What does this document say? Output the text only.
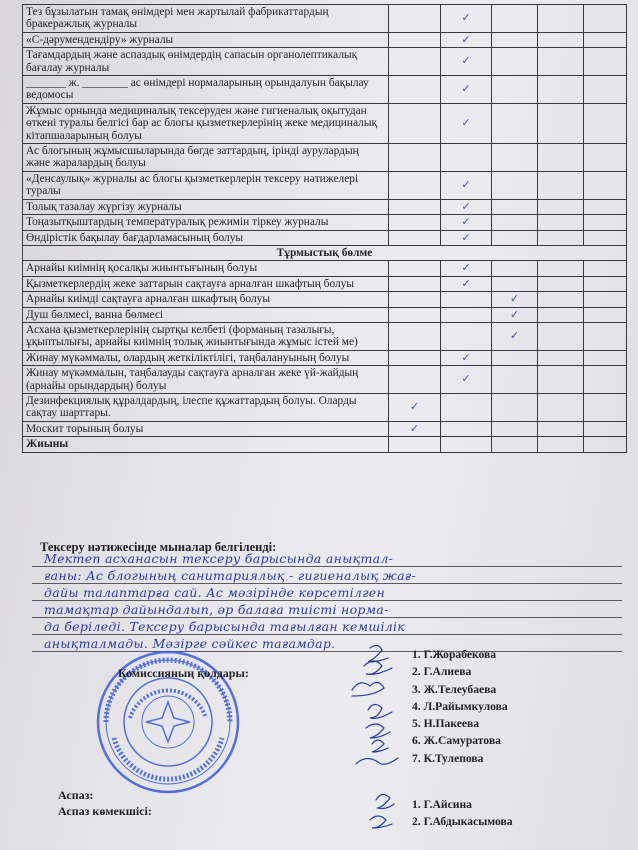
Тез бұзылатын тамақ өнімдері мен жартылай фабрикаттардың бракеражлық журналы		✓			
«С-дәрумендендіру» журналы		✓			
Тағамдардың және аспаздық өнімдердің сапасын органолептикалық бағалау журналы		✓			
_______ ж. ________ ас өнімдері нормаларының орындалуын бақылау ведомосы		✓			
Жұмыс орнында медициналық тексеруден және гигиеналық оқытудан өткені туралы белгісі бар ас блогы қызметкерлерінің жеке медициналық кітапшаларының болуы		✓			
Ас блогының жұмысшыларында бөгде заттардың, ірінді аурулардың және жаралардың болуы					
«Денсаулық» журналы ас блогы қызметкерлерін тексеру нәтижелері туралы		✓			
Толық тазалау жүргізу журналы		✓			
Тоңазытқыштардың температуралық режимін тіркеу журналы		✓			
Өндірістік бақылау бағдарламасының болуы		✓			
Тұрмыстық бөлме					
Арнайы киімнің қосалқы жиынтығының болуы		✓			
Қызметкерлердің жеке заттарын сақтауға арналған шкафтың болуы		✓			
Арнайы киімді сақтауға арналған шкафтың болуы			✓		
Душ бөлмесі, ванна бөлмесі			✓		
Асхана қызметкерлерінің сыртқы келбеті (форманың тазалығы, ұқыптылығы, арнайы киімнің толық жиынтығында жұмыс істей ме)			✓		
Жинау мүкәммалы, олардың жеткіліктілігі, таңбалануының болуы		✓			
Жинау мүкәммалын, таңбалауды сақтауға арналған жеке үй-жайдың (арнайы орындардың) болуы		✓			
Дезинфекциялық құралдардың, ілеспе құжаттардың болуы. Оларды сақтау шарттары.	✓				
Москит торының болуы	✓				
Жиыны					
Тексеру нәтижесінде мыналар белгіленді:
Мектеп асханасын тексеру барысында анықтал-
ғаны: Ас блогының санитариялық - гигиеналық жағ-
дайы талаптарға сай. Ас мәзірінде көрсетілген
тамақтар дайындалып, әр балаға тиісті норма-
да беріледі. Тексеру барысында тағылған кемшілік
анықталмады. Мәзірге сәйкес тағамдар.
Комиссияның қолдары:
1. Г.Жорабекова
2. Г.Алиева
3. Ж.Телеубаева
4. Л.Райымкулова
5. Н.Пакеева
6. Ж.Самуратова
7. К.Тулепова
Аспаз:
Аспаз көмекшісі:	1. Г.Айсина
2. Г.Абдыкасымова
